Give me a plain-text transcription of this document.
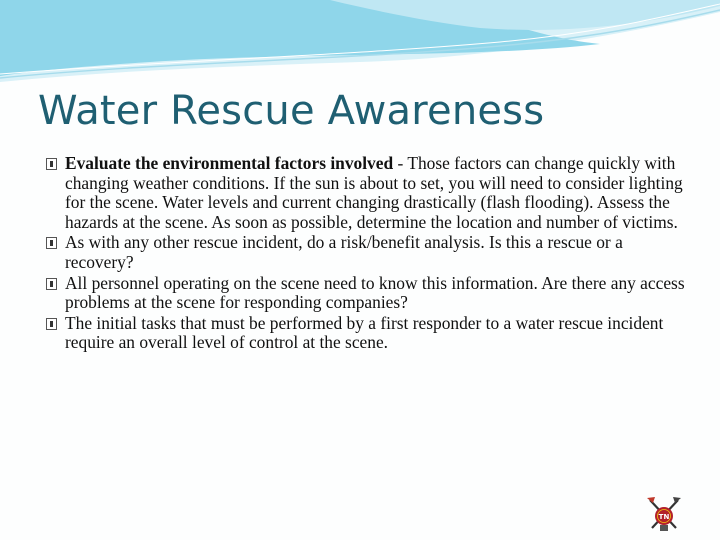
Water Rescue Awareness
Evaluate the environmental factors involved - Those factors can change quickly with changing weather conditions. If the sun is about to set, you will need to consider lighting for the scene. Water levels and current changing drastically (flash flooding). Assess the hazards at the scene. As soon as possible, determine the location and number of victims.
As with any other rescue incident, do a risk/benefit analysis. Is this a rescue or a recovery?
All personnel operating on the scene need to know this information. Are there any access problems at the scene for responding companies?
The initial tasks that must be performed by a first responder to a water rescue incident require an overall level of control at the scene.
TN
